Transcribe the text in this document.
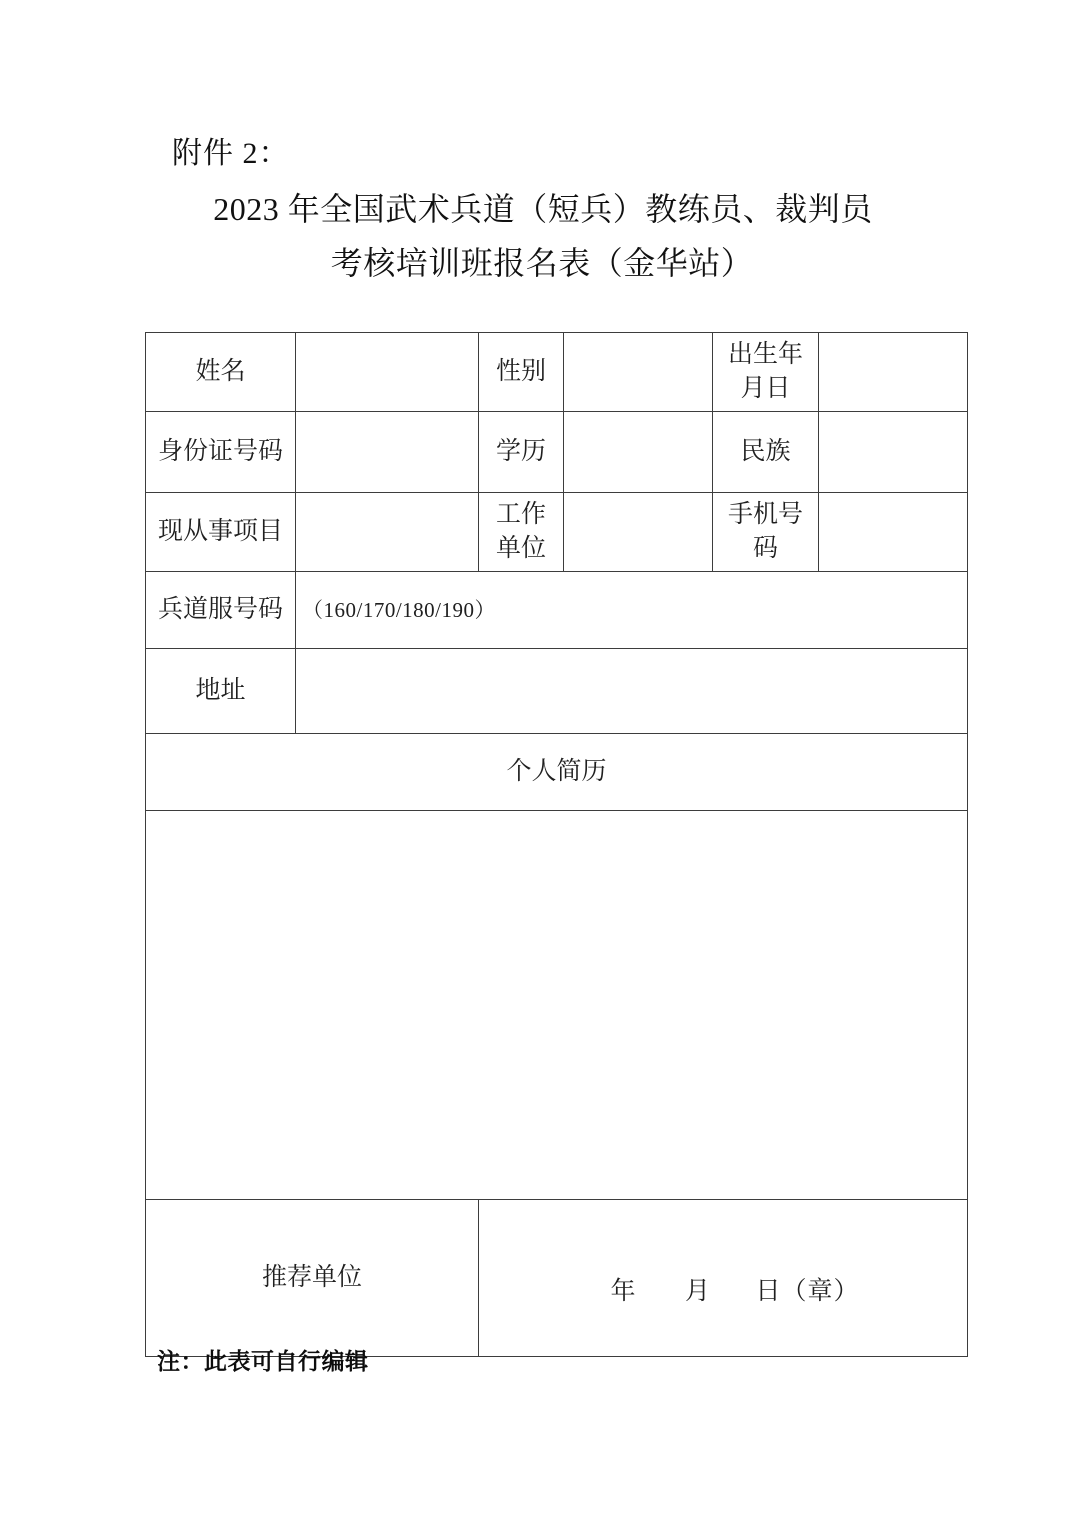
附件 2：
2023 年全国武术兵道（短兵）教练员、裁判员
考核培训班报名表（金华站）
姓名		性别		出生年月日	
身份证号码		学历		民族	
现从事项目		工作单位		手机号码	
兵道服号码	（160/170/180/190）				
地址					
个人简历					

推荐单位		年 月 日（章）			
注：此表可自行编辑
